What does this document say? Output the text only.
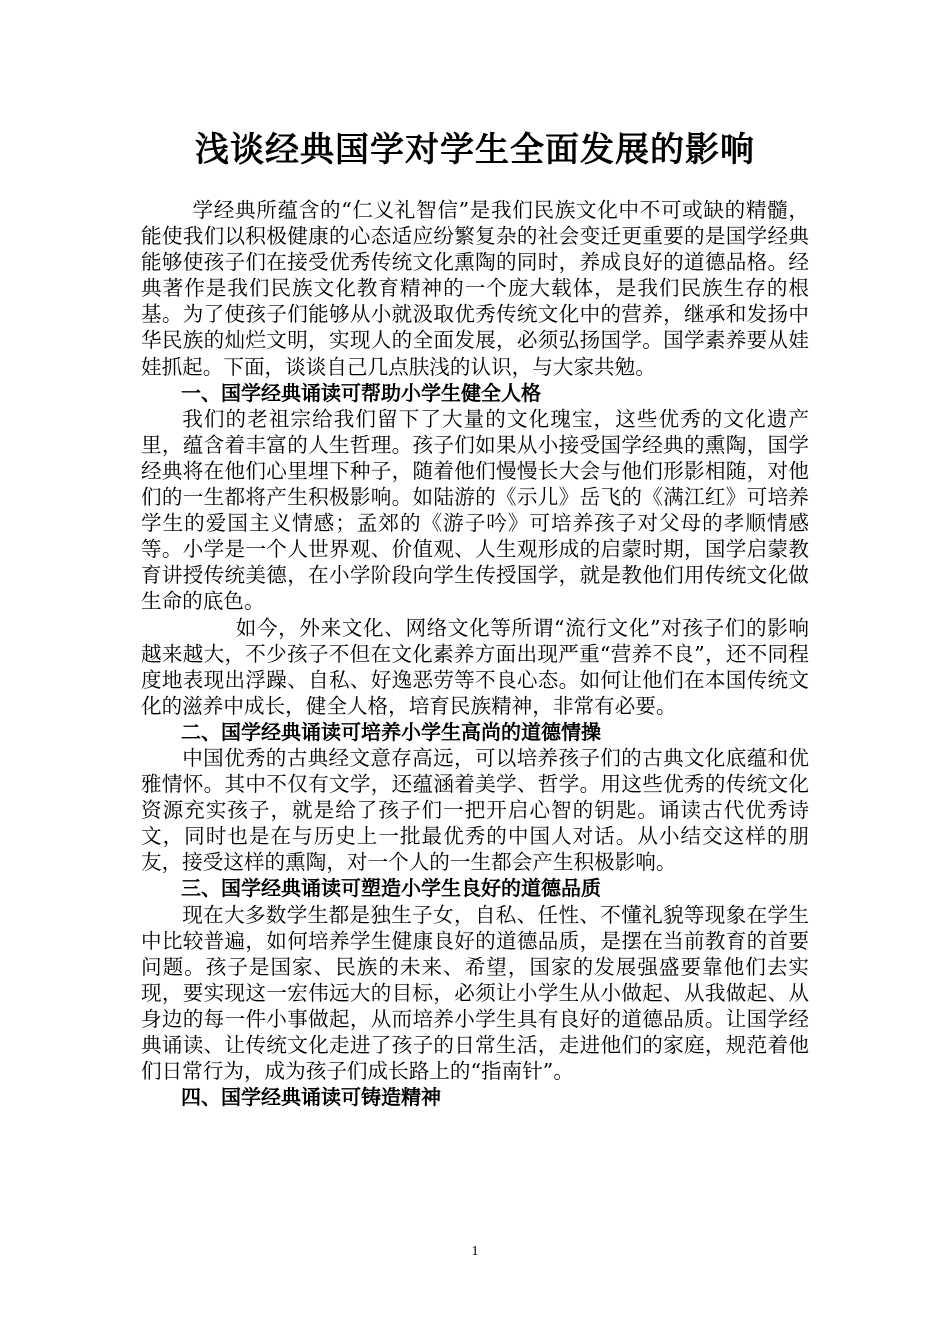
浅谈经典国学对学生全面发展的影响

学经典所蕴含的“仁义礼智信”是我们民族文化中不可或缺的精髓，能使我们以积极健康的心态适应纷繁复杂的社会变迁更重要的是国学经典能够使孩子们在接受优秀传统文化熏陶的同时，养成良好的道德品格。经典著作是我们民族文化教育精神的一个庞大载体，是我们民族生存的根基。为了使孩子们能够从小就汲取优秀传统文化中的营养，继承和发扬中华民族的灿烂文明，实现人的全面发展，必须弘扬国学。国学素养要从娃娃抓起。下面，谈谈自己几点肤浅的认识，与大家共勉。

一、国学经典诵读可帮助小学生健全人格

我们的老祖宗给我们留下了大量的文化瑰宝，这些优秀的文化遗产里，蕴含着丰富的人生哲理。孩子们如果从小接受国学经典的熏陶，国学经典将在他们心里埋下种子，随着他们慢慢长大会与他们形影相随，对他们的一生都将产生积极影响。如陆游的《示儿》岳飞的《满江红》可培养学生的爱国主义情感；孟郊的《游子吟》可培养孩子对父母的孝顺情感等。小学是一个人世界观、价值观、人生观形成的启蒙时期，国学启蒙教育讲授传统美德，在小学阶段向学生传授国学，就是教他们用传统文化做生命的底色。

如今，外来文化、网络文化等所谓“流行文化”对孩子们的影响越来越大，不少孩子不但在文化素养方面出现严重“营养不良”，还不同程度地表现出浮躁、自私、好逸恶劳等不良心态。如何让他们在本国传统文化的滋养中成长，健全人格，培育民族精神，非常有必要。

二、国学经典诵读可培养小学生高尚的道德情操

中国优秀的古典经文意存高远，可以培养孩子们的古典文化底蕴和优雅情怀。其中不仅有文学，还蕴涵着美学、哲学。用这些优秀的传统文化资源充实孩子，就是给了孩子们一把开启心智的钥匙。诵读古代优秀诗文，同时也是在与历史上一批最优秀的中国人对话。从小结交这样的朋友，接受这样的熏陶，对一个人的一生都会产生积极影响。

三、国学经典诵读可塑造小学生良好的道德品质

现在大多数学生都是独生子女，自私、任性、不懂礼貌等现象在学生中比较普遍，如何培养学生健康良好的道德品质，是摆在当前教育的首要问题。孩子是国家、民族的未来、希望，国家的发展强盛要靠他们去实现，要实现这一宏伟远大的目标，必须让小学生从小做起、从我做起、从身边的每一件小事做起，从而培养小学生具有良好的道德品质。让国学经典诵读、让传统文化走进了孩子的日常生活，走进他们的家庭，规范着他们日常行为，成为孩子们成长路上的“指南针”。

四、国学经典诵读可铸造精神
1
